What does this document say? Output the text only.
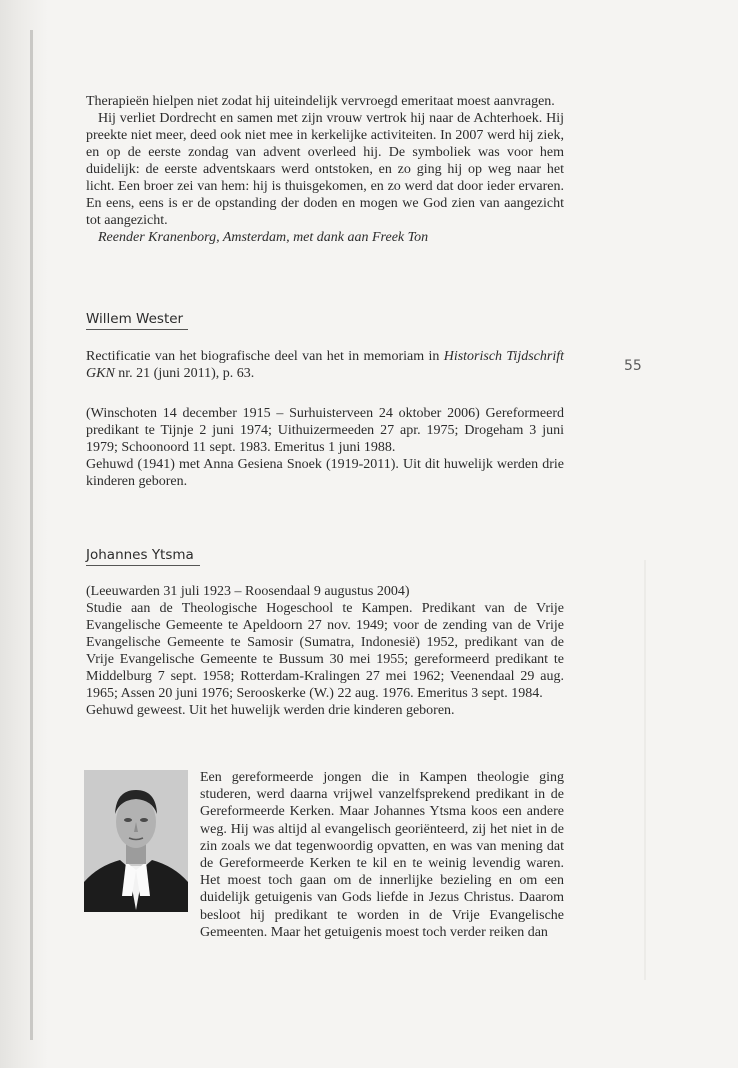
Therapieën hielpen niet zodat hij uiteindelijk vervroegd emeritaat moest aanvragen.

Hij verliet Dordrecht en samen met zijn vrouw vertrok hij naar de Achterhoek. Hij preekte niet meer, deed ook niet mee in kerkelijke activiteiten. In 2007 werd hij ziek, en op de eerste zondag van advent overleed hij. De symboliek was voor hem duidelijk: de eerste adventskaars werd ontstoken, en zo ging hij op weg naar het licht. Een broer zei van hem: hij is thuisgekomen, en zo werd dat door ieder ervaren. En eens, eens is er de opstanding der doden en mogen we God zien van aangezicht tot aangezicht.

Reender Kranenborg, Amsterdam, met dank aan Freek Ton

Willem Wester

Rectificatie van het biografische deel van het in memoriam in Historisch Tijdschrift GKN nr. 21 (juni 2011), p. 63.	55

(Winschoten 14 december 1915 – Surhuisterveen 24 oktober 2006) Gereformeerd predikant te Tijnje 2 juni 1974; Uithuizermeeden 27 apr. 1975; Drogeham 3 juni 1979; Schoonoord 11 sept. 1983. Emeritus 1 juni 1988.

Gehuwd (1941) met Anna Gesiena Snoek (1919-2011). Uit dit huwelijk werden drie kinderen geboren.

Johannes Ytsma

(Leeuwarden 31 juli 1923 – Roosendaal 9 augustus 2004)

Studie aan de Theologische Hogeschool te Kampen. Predikant van de Vrije Evangelische Gemeente te Apeldoorn 27 nov. 1949; voor de zending van de Vrije Evangelische Gemeente te Samosir (Sumatra, Indonesië) 1952, predikant van de Vrije Evangelische Gemeente te Bussum 30 mei 1955; gereformeerd predikant te Middelburg 7 sept. 1958; Rotterdam-Kralingen 27 mei 1962; Veenendaal 29 aug. 1965; Assen 20 juni 1976; Serooskerke (W.) 22 aug. 1976. Emeritus 3 sept. 1984.

Gehuwd geweest. Uit het huwelijk werden drie kinderen geboren.

Een gereformeerde jongen die in Kampen theologie ging studeren, werd daarna vrijwel vanzelfsprekend predikant in de Gereformeerde Kerken. Maar Johannes Ytsma koos een andere weg. Hij was altijd al evangelisch georiënteerd, zij het niet in de zin zoals we dat tegenwoordig opvatten, en was van mening dat de Gereformeerde Kerken te kil en te weinig levendig waren. Het moest toch gaan om de innerlijke bezieling en om een duidelijk getuigenis van Gods liefde in Jezus Christus. Daarom besloot hij predikant te worden in de Vrije Evangelische Gemeenten. Maar het getuigenis moest toch verder reiken dan
